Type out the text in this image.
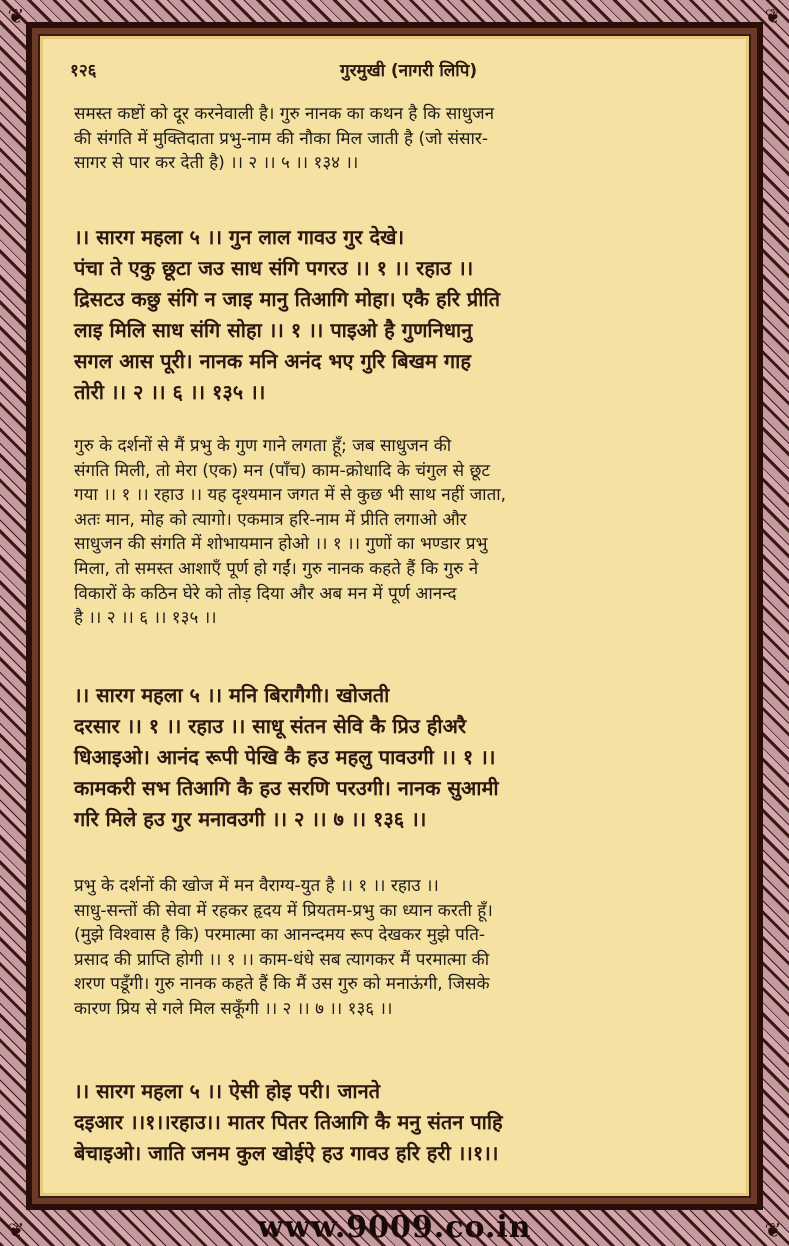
❦	❦
❦	❦
१२६	गुरमुखी (नागरी लिपि)

समस्त कष्टों को दूर करनेवाली है। गुरु नानक का कथन है कि साधुजन
की संगति में मुक्तिदाता प्रभु-नाम की नौका मिल जाती है (जो संसार-
सागर से पार कर देती है) ।। २ ।। ५ ।। १३४ ।।

।। सारग महला ५ ।। गुन लाल गावउ गुर देखे।
पंचा ते एकु छूटा जउ साध संगि पगरउ ।। १ ।। रहाउ ।।
द्रिसटउ कछु संगि न जाइ मानु तिआगि मोहा। एकै हरि प्रीति
लाइ मिलि साध संगि सोहा ।। १ ।। पाइओ है गुणनिधानु
सगल आस पूरी। नानक मनि अनंद भए गुरि बिखम गाह
तोरी ।। २ ।। ६ ।। १३५ ।।

गुरु के दर्शनों से मैं प्रभु के गुण गाने लगता हूँ; जब साधुजन की
संगति मिली, तो मेरा (एक) मन (पाँच) काम-क्रोधादि के चंगुल से छूट
गया ।। १ ।। रहाउ ।। यह दृश्यमान जगत में से कुछ भी साथ नहीं जाता,
अतः मान, मोह को त्यागो। एकमात्र हरि-नाम में प्रीति लगाओ और
साधुजन की संगति में शोभायमान होओ ।। १ ।। गुणों का भण्डार प्रभु
मिला, तो समस्त आशाएँ पूर्ण हो गईं। गुरु नानक कहते हैं कि गुरु ने
विकारों के कठिन घेरे को तोड़ दिया और अब मन में पूर्ण आनन्द
है ।। २ ।। ६ ।। १३५ ।।

।। सारग महला ५ ।। मनि बिरागैगी। खोजती
दरसार ।। १ ।। रहाउ ।। साधू संतन सेवि कै प्रिउ हीअरै
धिआइओ। आनंद रूपी पेखि कै हउ महलु पावउगी ।। १ ।।
कामकरी सभ तिआगि कै हउ सरणि परउगी। नानक सुआमी
गरि मिले हउ गुर मनावउगी ।। २ ।। ७ ।। १३६ ।।

प्रभु के दर्शनों की खोज में मन वैराग्य-युत है ।। १ ।। रहाउ ।।
साधु-सन्तों की सेवा में रहकर हृदय में प्रियतम-प्रभु का ध्यान करती हूँ।
(मुझे विश्वास है कि) परमात्मा का आनन्दमय रूप देखकर मुझे पति-
प्रसाद की प्राप्ति होगी ।। १ ।। काम-धंधे सब त्यागकर मैं परमात्मा की
शरण पडूँगी। गुरु नानक कहते हैं कि मैं उस गुरु को मनाऊंगी, जिसके
कारण प्रिय से गले मिल सकूँगी ।। २ ।। ७ ।। १३६ ।।

।। सारग महला ५ ।। ऐसी होइ परी। जानते
दइआर ।।१।।रहाउ।। मातर पितर तिआगि कै मनु संतन पाहि
बेचाइओ। जाति जनम कुल खोईऐ हउ गावउ हरि हरी ।।१।।

www.9009.co.in
